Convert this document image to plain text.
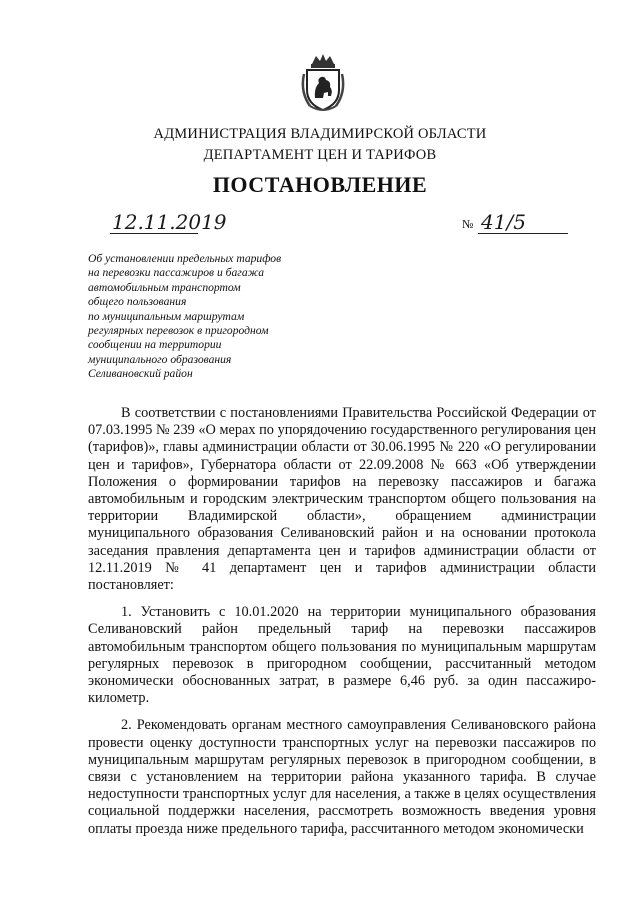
АДМИНИСТРАЦИЯ ВЛАДИМИРСКОЙ ОБЛАСТИ
ДЕПАРТАМЕНТ ЦЕН И ТАРИФОВ
ПОСТАНОВЛЕНИЕ
12.11.2019	№ 41/5
Об установлении предельных тарифов
на перевозки пассажиров и багажа
автомобильным транспортом
общего пользования
по муниципальным маршрутам
регулярных перевозок в пригородном
сообщении на территории
муниципального образования
Селивановский район

В соответствии с постановлениями Правительства Российской Федерации от 07.03.1995 № 239 «О мерах по упорядочению государственного регулирования цен (тарифов)», главы администрации области от 30.06.1995 № 220 «О регулировании цен и тарифов», Губернатора области от 22.09.2008 № 663 «Об утверждении Положения о формировании тарифов на перевозку пассажиров и багажа автомобильным и городским электрическим транспортом общего пользования на территории Владимирской области», обращением администрации муниципального образования Селивановский район и на основании протокола заседания правления департамента цен и тарифов администрации области от 12.11.2019 № 41 департамент цен и тарифов администрации области постановляет:

1. Установить с 10.01.2020 на территории муниципального образования Селивановский район предельный тариф на перевозки пассажиров автомобильным транспортом общего пользования по муниципальным маршрутам регулярных перевозок в пригородном сообщении, рассчитанный методом экономически обоснованных затрат, в размере 6,46 руб. за один пассажиро-километр.

2. Рекомендовать органам местного самоуправления Селивановского района провести оценку доступности транспортных услуг на перевозки пассажиров по муниципальным маршрутам регулярных перевозок в пригородном сообщении, в связи с установлением на территории района указанного тарифа. В случае недоступности транспортных услуг для населения, а также в целях осуществления социальной поддержки населения, рассмотреть возможность введения уровня оплаты проезда ниже предельного тарифа, рассчитанного методом экономически
